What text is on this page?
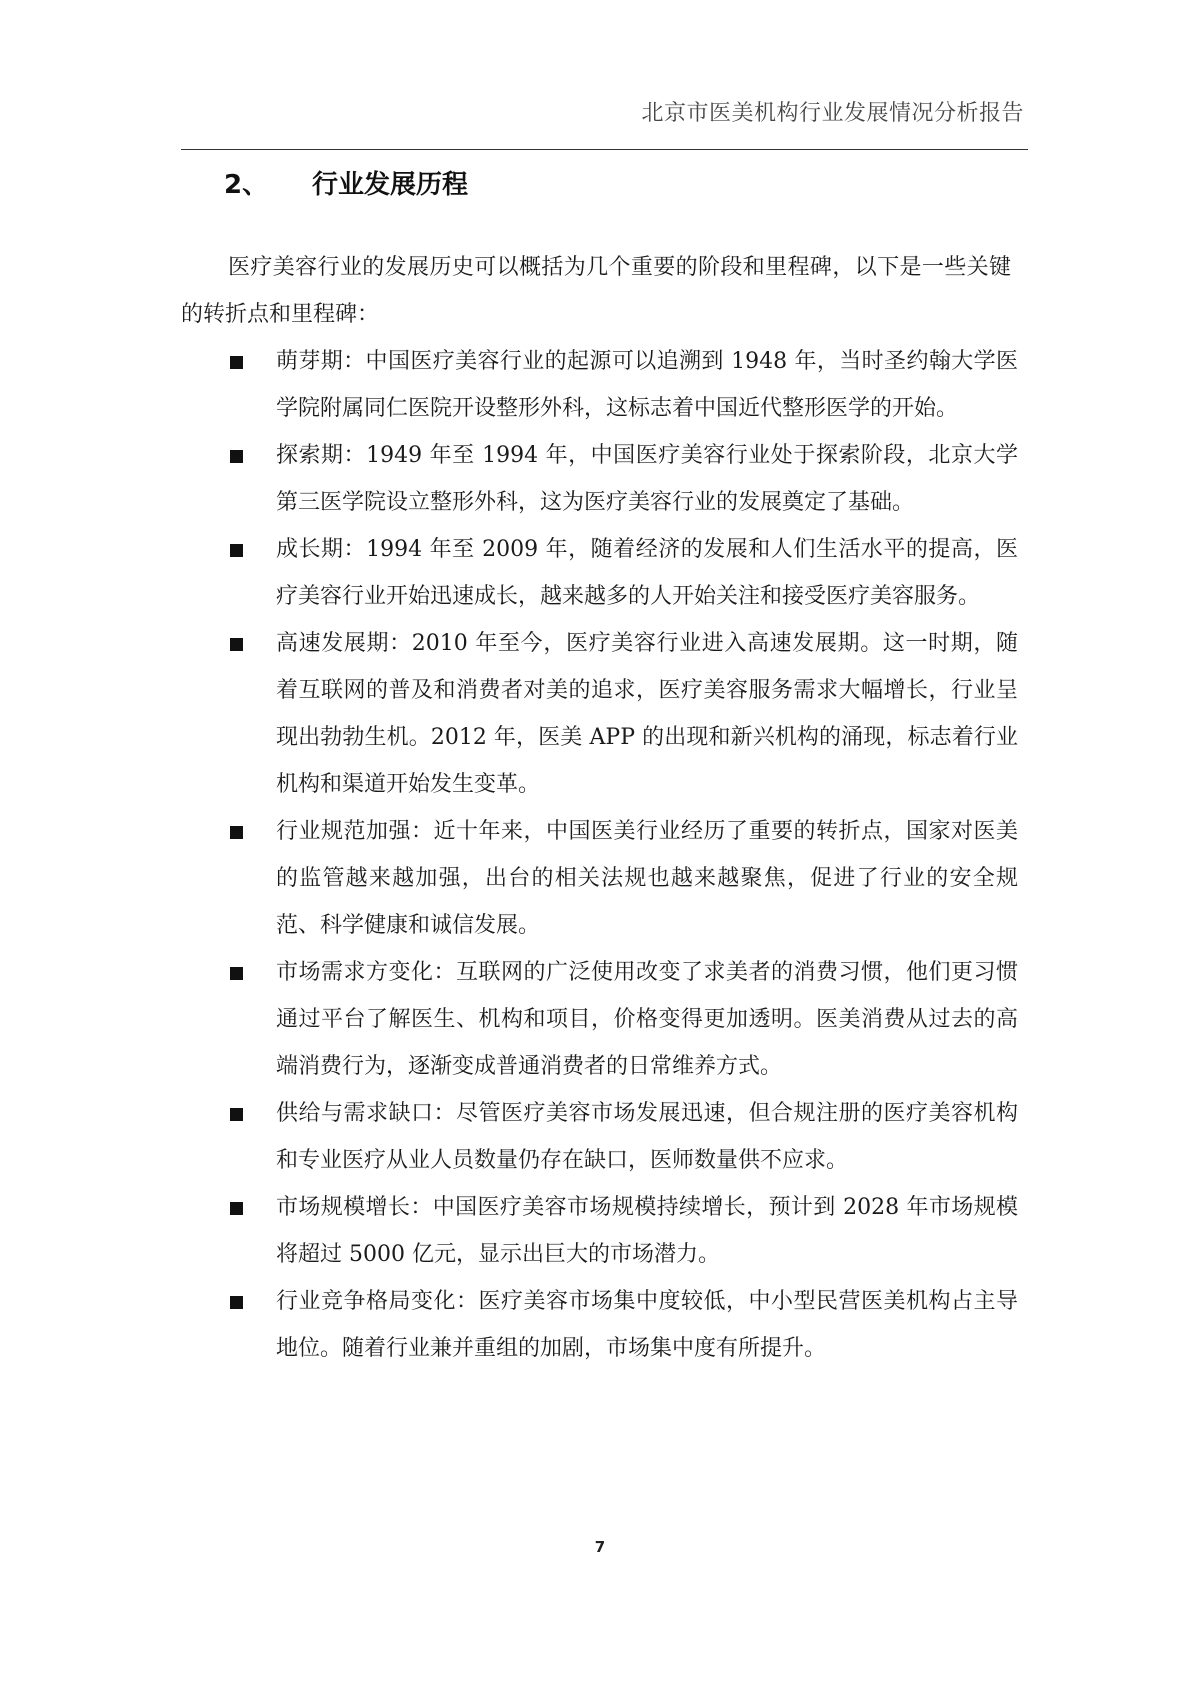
北京市医美机构行业发展情况分析报告
2、 行业发展历程

医疗美容行业的发展历史可以概括为几个重要的阶段和里程碑，以下是一些关键的转折点和里程碑：

萌芽期：中国医疗美容行业的起源可以追溯到 1948 年，当时圣约翰大学医学院附属同仁医院开设整形外科，这标志着中国近代整形医学的开始。
探索期：1949 年至 1994 年，中国医疗美容行业处于探索阶段，北京大学第三医学院设立整形外科，这为医疗美容行业的发展奠定了基础。
成长期：1994 年至 2009 年，随着经济的发展和人们生活水平的提高，医疗美容行业开始迅速成长，越来越多的人开始关注和接受医疗美容服务。
高速发展期：2010 年至今，医疗美容行业进入高速发展期。这一时期，随着互联网的普及和消费者对美的追求，医疗美容服务需求大幅增长，行业呈现出勃勃生机。2012 年，医美 APP 的出现和新兴机构的涌现，标志着行业机构和渠道开始发生变革。
行业规范加强：近十年来，中国医美行业经历了重要的转折点，国家对医美的监管越来越加强，出台的相关法规也越来越聚焦，促进了行业的安全规范、科学健康和诚信发展。
市场需求方变化：互联网的广泛使用改变了求美者的消费习惯，他们更习惯通过平台了解医生、机构和项目，价格变得更加透明。医美消费从过去的高端消费行为，逐渐变成普通消费者的日常维养方式。
供给与需求缺口：尽管医疗美容市场发展迅速，但合规注册的医疗美容机构和专业医疗从业人员数量仍存在缺口，医师数量供不应求。
市场规模增长：中国医疗美容市场规模持续增长，预计到 2028 年市场规模将超过 5000 亿元，显示出巨大的市场潜力。
行业竞争格局变化：医疗美容市场集中度较低，中小型民营医美机构占主导地位。随着行业兼并重组的加剧，市场集中度有所提升。
7
